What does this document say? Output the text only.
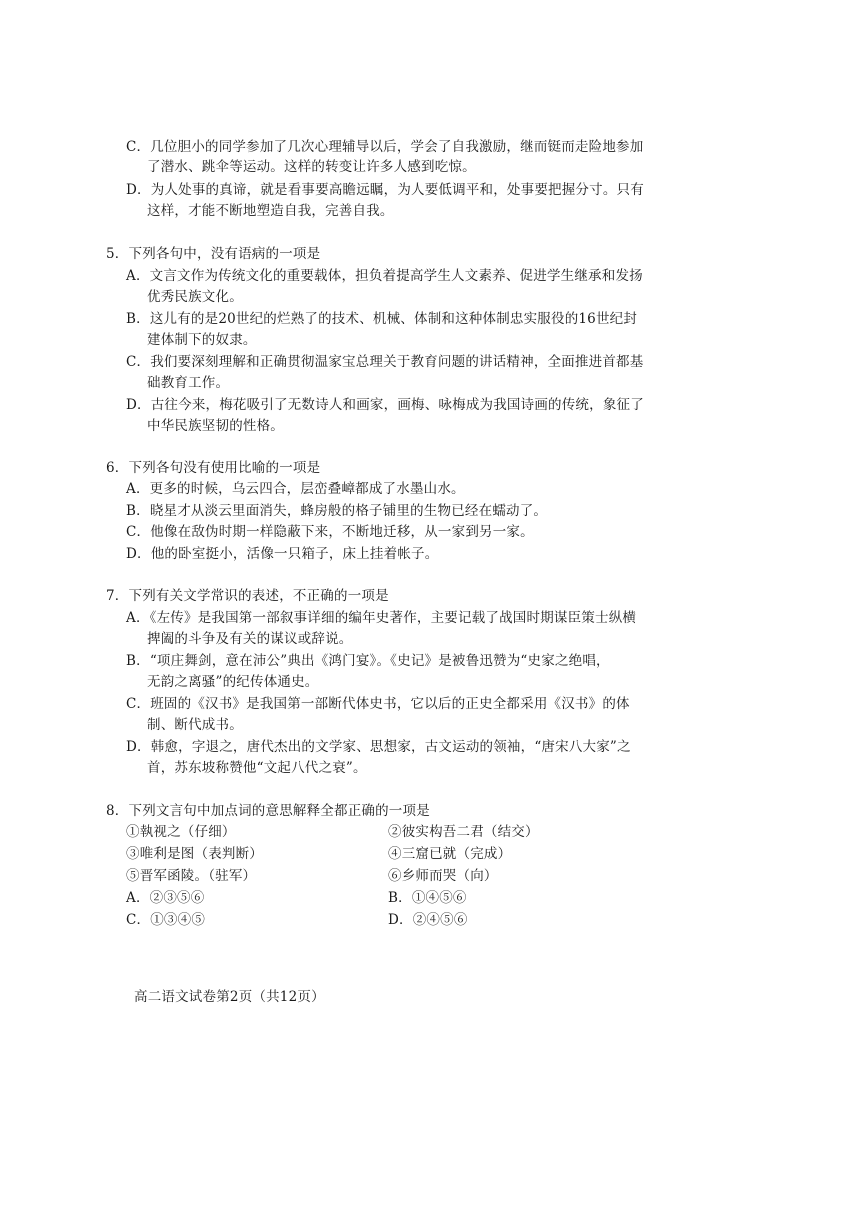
C．几位胆小的同学参加了几次心理辅导以后，学会了自我激励，继而铤而走险地参加
了潜水、跳伞等运动。这样的转变让许多人感到吃惊。
D．为人处事的真谛，就是看事要高瞻远瞩，为人要低调平和，处事要把握分寸。只有
这样，才能不断地塑造自我，完善自我。
5．下列各句中，没有语病的一项是
A．文言文作为传统文化的重要载体，担负着提高学生人文素养、促进学生继承和发扬
优秀民族文化。
B．这儿有的是20世纪的烂熟了的技术、机械、体制和这种体制忠实服役的16世纪封
建体制下的奴隶。
C．我们要深刻理解和正确贯彻温家宝总理关于教育问题的讲话精神，全面推进首都基
础教育工作。
D．古往今来，梅花吸引了无数诗人和画家，画梅、咏梅成为我国诗画的传统，象征了
中华民族坚韧的性格。
6．下列各句没有使用比喻的一项是
A．更多的时候，乌云四合，层峦叠嶂都成了水墨山水。
B．晓星才从淡云里面消失，蜂房般的格子铺里的生物已经在蠕动了。
C．他像在敌伪时期一样隐蔽下来，不断地迁移，从一家到另一家。
D．他的卧室挺小，活像一只箱子，床上挂着帐子。
7．下列有关文学常识的表述，不正确的一项是
A．《左传》是我国第一部叙事详细的编年史著作，主要记载了战国时期谋臣策士纵横
捭阖的斗争及有关的谋议或辞说。
B．“项庄舞剑，意在沛公”典出《鸿门宴》。《史记》是被鲁迅赞为“史家之绝唱，
无韵之离骚”的纪传体通史。
C．班固的《汉书》是我国第一部断代体史书，它以后的正史全都采用《汉书》的体
制、断代成书。
D．韩愈，字退之，唐代杰出的文学家、思想家，古文运动的领袖，“唐宋八大家”之
首，苏东坡称赞他“文起八代之衰”。
8．下列文言句中加点词的意思解释全都正确的一项是
①執视之（仔细）	②彼实构吾二君（结交）
③唯利是图（表判断）	④三窟已就（完成）
⑤晋军函陵。（驻军）	⑥乡师而哭（向）
A．②③⑤⑥	B．①④⑤⑥
C．①③④⑤	D．②④⑤⑥
高二语文试卷第2页（共12页）
